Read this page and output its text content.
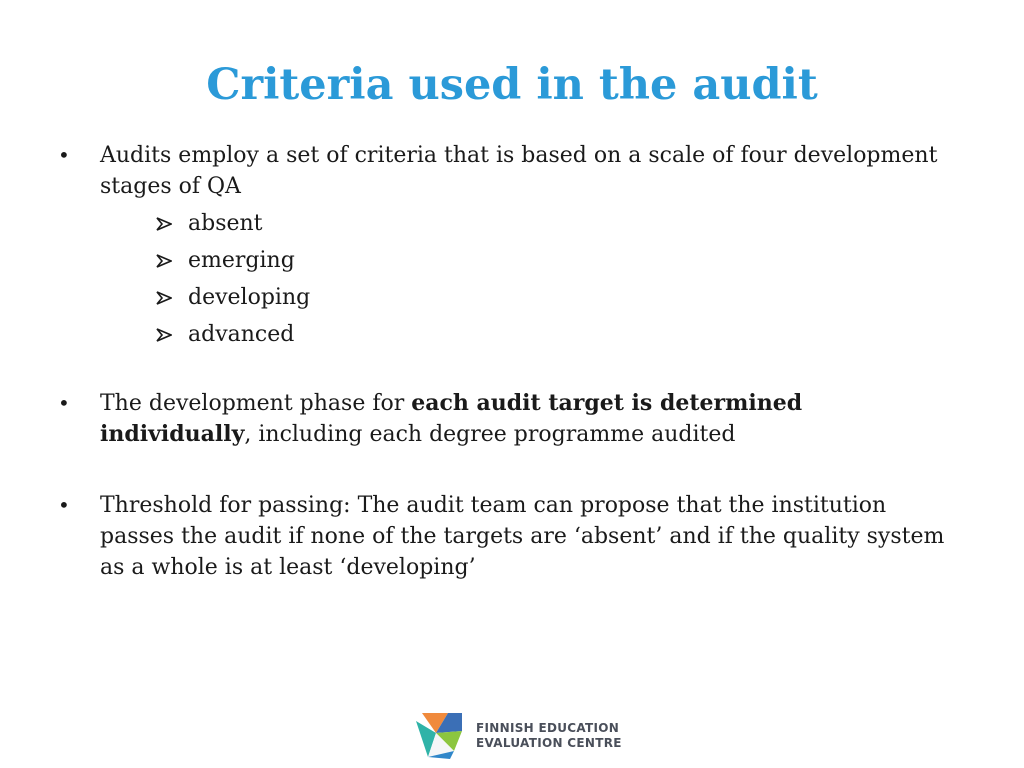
Criteria used in the audit
• Audits employ a set of criteria that is based on a scale of four development stages of QA
absent
emerging
developing
advanced
• The development phase for each audit target is determined individually, including each degree programme audited
• Threshold for passing: The audit team can propose that the institution passes the audit if none of the targets are ‘absent’ and if the quality system as a whole is at least ‘developing’
FINNISH EDUCATION
EVALUATION CENTRE
